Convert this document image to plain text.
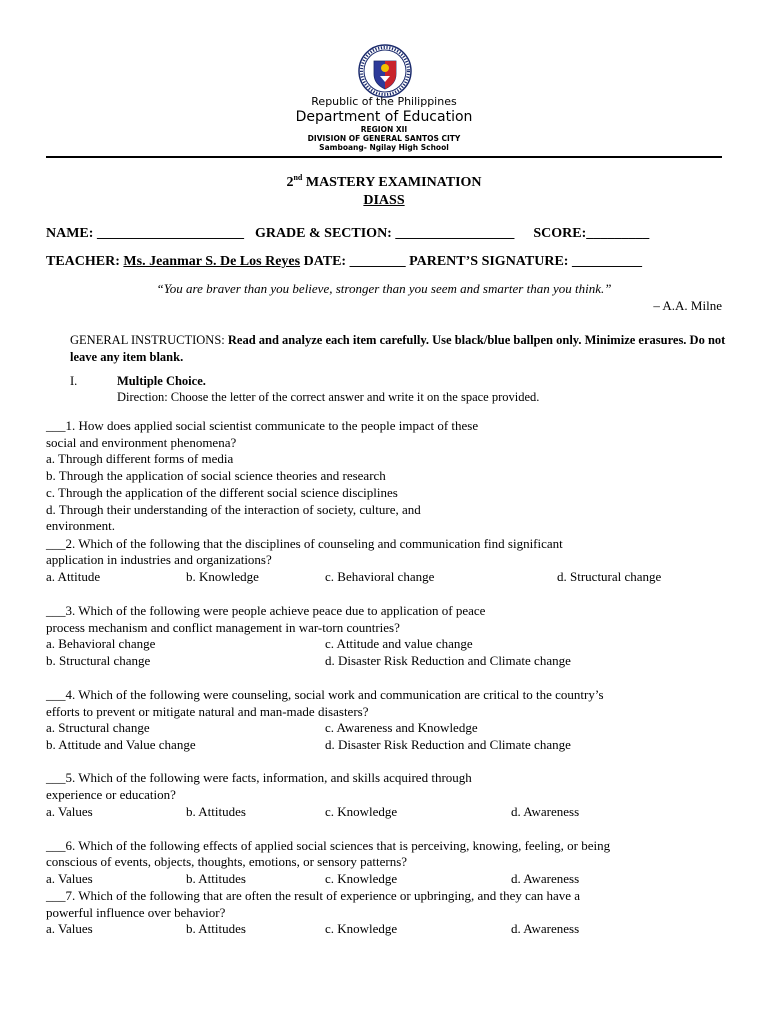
Republic of the Philippines
Department of Education
REGION XII
DIVISION OF GENERAL SANTOS CITY
Samboang- Ngilay High School
2nd MASTERY EXAMINATION
DIASS
NAME: _____________________ GRADE & SECTION: _________________ SCORE:_________
TEACHER: Ms. Jeanmar S. De Los Reyes DATE: ________ PARENT’S SIGNATURE: __________
“You are braver than you believe, stronger than you seem and smarter than you think.”
– A.A. Milne
GENERAL INSTRUCTIONS: Read and analyze each item carefully. Use black/blue ballpen only. Minimize erasures. Do not leave any item blank.
I.	Multiple Choice.
Direction: Choose the letter of the correct answer and write it on the space provided.
___1. How does applied social scientist communicate to the people impact of these
social and environment phenomena?
a. Through different forms of media
b. Through the application of social science theories and research
c. Through the application of the different social science disciplines
d. Through their understanding of the interaction of society, culture, and
environment.
___2. Which of the following that the disciplines of counseling and communication find significant
application in industries and organizations?
a. Attitude	b. Knowledge	c. Behavioral change	d. Structural change
___3. Which of the following were people achieve peace due to application of peace
process mechanism and conflict management in war-torn countries?
a. Behavioral change	c. Attitude and value change
b. Structural change	d. Disaster Risk Reduction and Climate change
___4. Which of the following were counseling, social work and communication are critical to the country’s
efforts to prevent or mitigate natural and man-made disasters?
a. Structural change	c. Awareness and Knowledge
b. Attitude and Value change	d. Disaster Risk Reduction and Climate change
___5. Which of the following were facts, information, and skills acquired through
experience or education?
a. Values	b. Attitudes	c. Knowledge	d. Awareness
___6. Which of the following effects of applied social sciences that is perceiving, knowing, feeling, or being
conscious of events, objects, thoughts, emotions, or sensory patterns?
a. Values	b. Attitudes	c. Knowledge	d. Awareness
___7. Which of the following that are often the result of experience or upbringing, and they can have a
powerful influence over behavior?
a. Values	b. Attitudes	c. Knowledge	d. Awareness
